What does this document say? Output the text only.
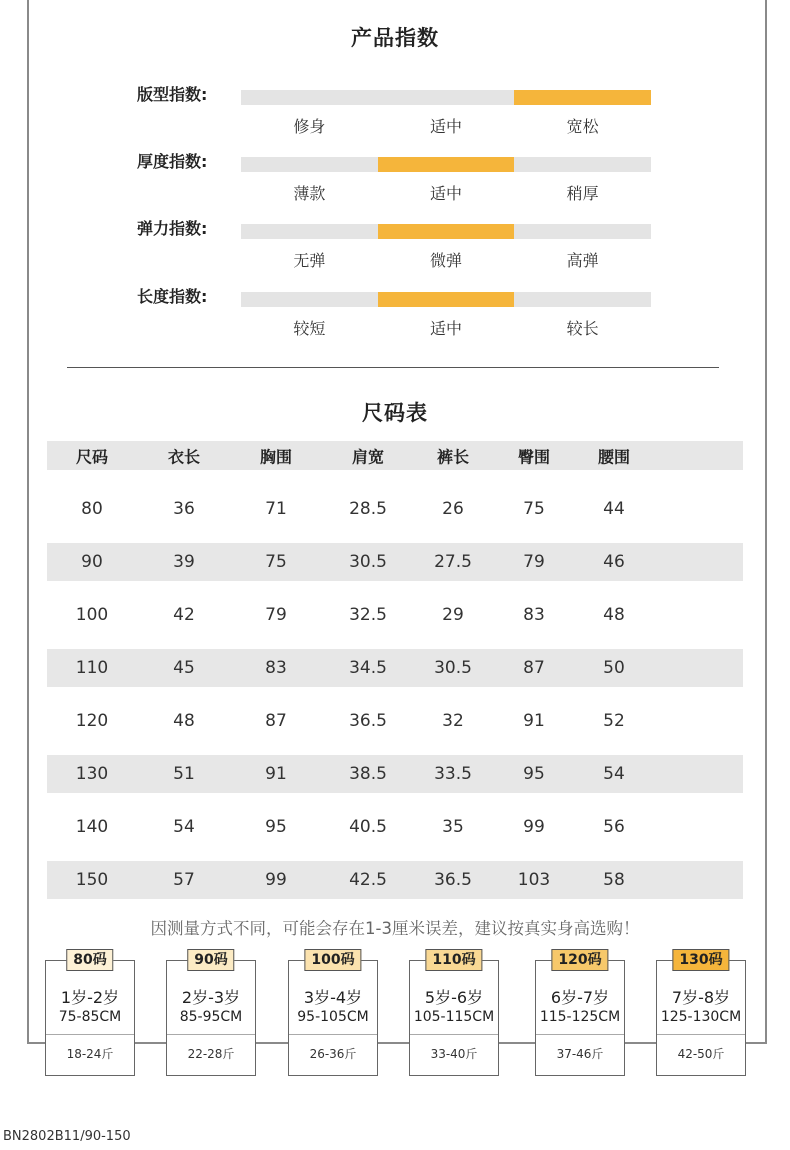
产品指数
版型指数:
修身	适中	宽松
厚度指数:
薄款	适中	稍厚
弹力指数:
无弹	微弹	高弹
长度指数:
较短	适中	较长
尺码表
尺码	衣长	胸围	肩宽	裤长	臀围	腰围
80	36	71	28.5	26	75	44
90	39	75	30.5	27.5	79	46
100	42	79	32.5	29	83	48
110	45	83	34.5	30.5	87	50
120	48	87	36.5	32	91	52
130	51	91	38.5	33.5	95	54
140	54	95	40.5	35	99	56
150	57	99	42.5	36.5	103	58
因测量方式不同，可能会存在1-3厘米误差，建议按真实身高选购！
80码
1岁-2岁
75-85CM
18-24斤
90码
2岁-3岁
85-95CM
22-28斤
100码
3岁-4岁
95-105CM
26-36斤
110码
5岁-6岁
105-115CM
33-40斤
120码
6岁-7岁
115-125CM
37-46斤
130码
7岁-8岁
125-130CM
42-50斤
BN2802B11/90-150
